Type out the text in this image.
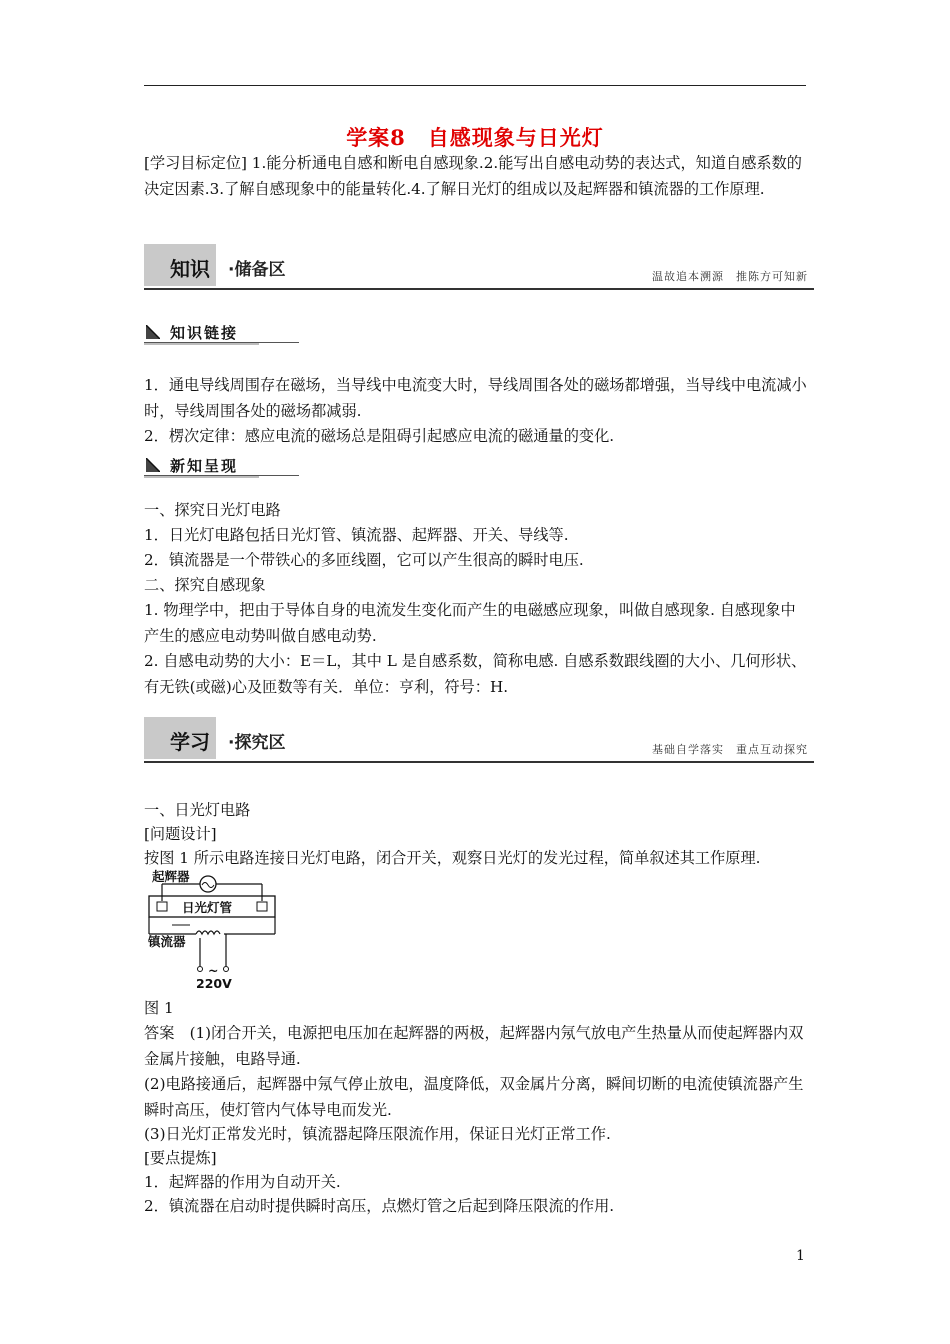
学案8　自感现象与日光灯
[学习目标定位] 1.能分析通电自感和断电自感现象.2.能写出自感电动势的表达式，知道自感系数的决定因素.3.了解自感现象中的能量转化.4.了解日光灯的组成以及起辉器和镇流器的工作原理.
知识 ·储备区	温故追本溯源　推陈方可知新
知识链接
1．通电导线周围存在磁场，当导线中电流变大时，导线周围各处的磁场都增强，当导线中电流减小时，导线周围各处的磁场都减弱.
2．楞次定律：感应电流的磁场总是阻碍引起感应电流的磁通量的变化.
新知呈现
一、探究日光灯电路
1．日光灯电路包括日光灯管、镇流器、起辉器、开关、导线等.
2．镇流器是一个带铁心的多匝线圈，它可以产生很高的瞬时电压.
二、探究自感现象
1. 物理学中，把由于导体自身的电流发生变化而产生的电磁感应现象，叫做自感现象. 自感现象中产生的感应电动势叫做自感电动势.
2. 自感电动势的大小：E＝L，其中 L 是自感系数，简称电感. 自感系数跟线圈的大小、几何形状、有无铁(或磁)心及匝数等有关．单位：亨利，符号：H.
学习 ·探究区	基础自学落实　重点互动探究
一、日光灯电路
[问题设计]
按图 1 所示电路连接日光灯电路，闭合开关，观察日光灯的发光过程，简单叙述其工作原理.
起辉器
日光灯管
镇流器
~
220V
图 1
答案　(1)闭合开关，电源把电压加在起辉器的两极，起辉器内氖气放电产生热量从而使起辉器内双金属片接触，电路导通.
(2)电路接通后，起辉器中氖气停止放电，温度降低，双金属片分离，瞬间切断的电流使镇流器产生瞬时高压，使灯管内气体导电而发光.
(3)日光灯正常发光时，镇流器起降压限流作用，保证日光灯正常工作.
[要点提炼]
1．起辉器的作用为自动开关.
2．镇流器在启动时提供瞬时高压，点燃灯管之后起到降压限流的作用.
1
